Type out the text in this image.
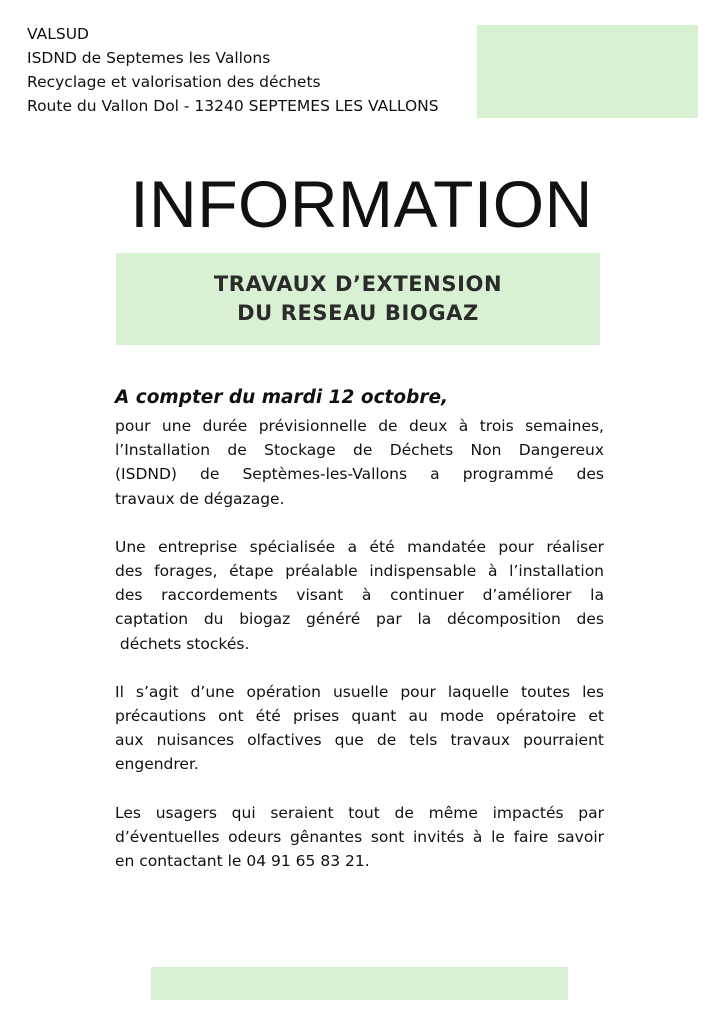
VALSUD
ISDND de Septemes les Vallons
Recyclage et valorisation des déchets
Route du Vallon Dol - 13240 SEPTEMES LES VALLONS
INFORMATION
TRAVAUX D’EXTENSION
DU RESEAU BIOGAZ
A compter du mardi 12 octobre,
pour une durée prévisionnelle de deux à trois semaines,
l’Installation de Stockage de Déchets Non Dangereux
(ISDND) de Septèmes-les-Vallons a programmé des
travaux de dégazage.
Une entreprise spécialisée a été mandatée pour réaliser
des forages, étape préalable indispensable à l’installation
des raccordements visant à continuer d’améliorer la
captation du biogaz généré par la décomposition des
déchets stockés.
Il s’agit d’une opération usuelle pour laquelle toutes les
précautions ont été prises quant au mode opératoire et
aux nuisances olfactives que de tels travaux pourraient
engendrer.
Les usagers qui seraient tout de même impactés par
d’éventuelles odeurs gênantes sont invités à le faire savoir
en contactant le 04 91 65 83 21.
